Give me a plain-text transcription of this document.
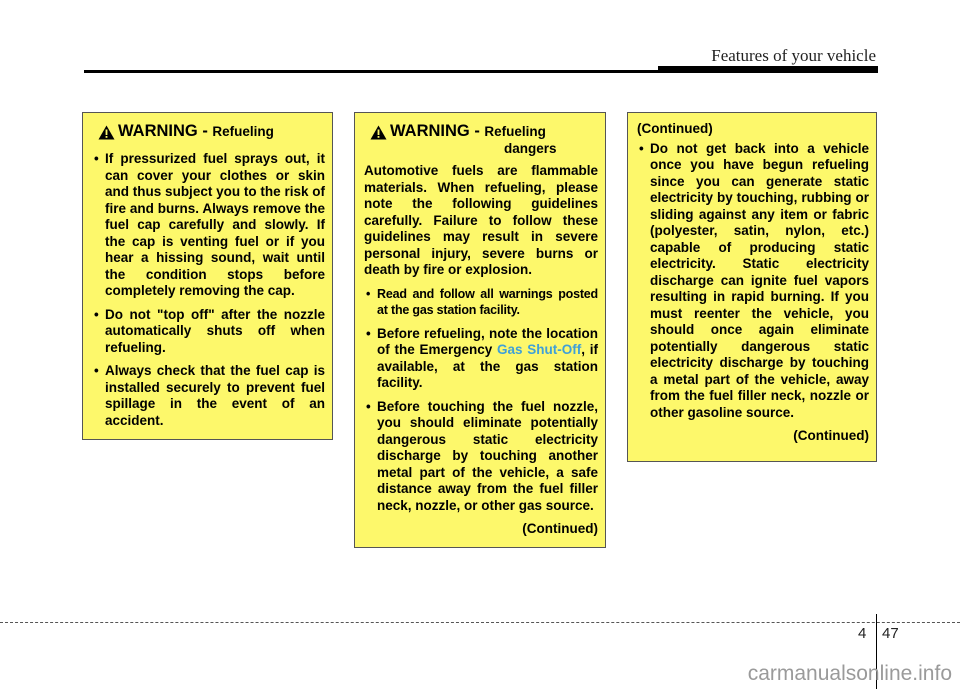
Features of your vehicle
WARNING - Refueling
• If pressurized fuel sprays out, it can cover your clothes or skin and thus subject you to the risk of fire and burns. Always remove the fuel cap carefully and slowly. If the cap is venting fuel or if you hear a hissing sound, wait until the condition stops before completely removing the cap.
• Do not "top off" after the nozzle automatically shuts off when refueling.
• Always check that the fuel cap is installed securely to prevent fuel spillage in the event of an accident.
WARNING - Refueling
dangers

Automotive fuels are flammable materials. When refueling, please note the following guidelines carefully. Failure to follow these guidelines may result in severe personal injury, severe burns or death by fire or explosion.

• Read and follow all warnings posted at the gas station facility.
• Before refueling, note the location of the Emergency Gas Shut-Off, if available, at the gas station facility.
• Before touching the fuel nozzle, you should eliminate potentially dangerous static electricity discharge by touching another metal part of the vehicle, a safe distance away from the fuel filler neck, nozzle, or other gas source.
(Continued)
(Continued)
• Do not get back into a vehicle once you have begun refueling since you can generate static electricity by touching, rubbing or sliding against any item or fabric (polyester, satin, nylon, etc.) capable of producing static electricity. Static electricity discharge can ignite fuel vapors resulting in rapid burning. If you must reenter the vehicle, you should once again eliminate potentially dangerous static electricity discharge by touching a metal part of the vehicle, away from the fuel filler neck, nozzle or other gasoline source.
(Continued)
4 47
carmanualsonline.info
